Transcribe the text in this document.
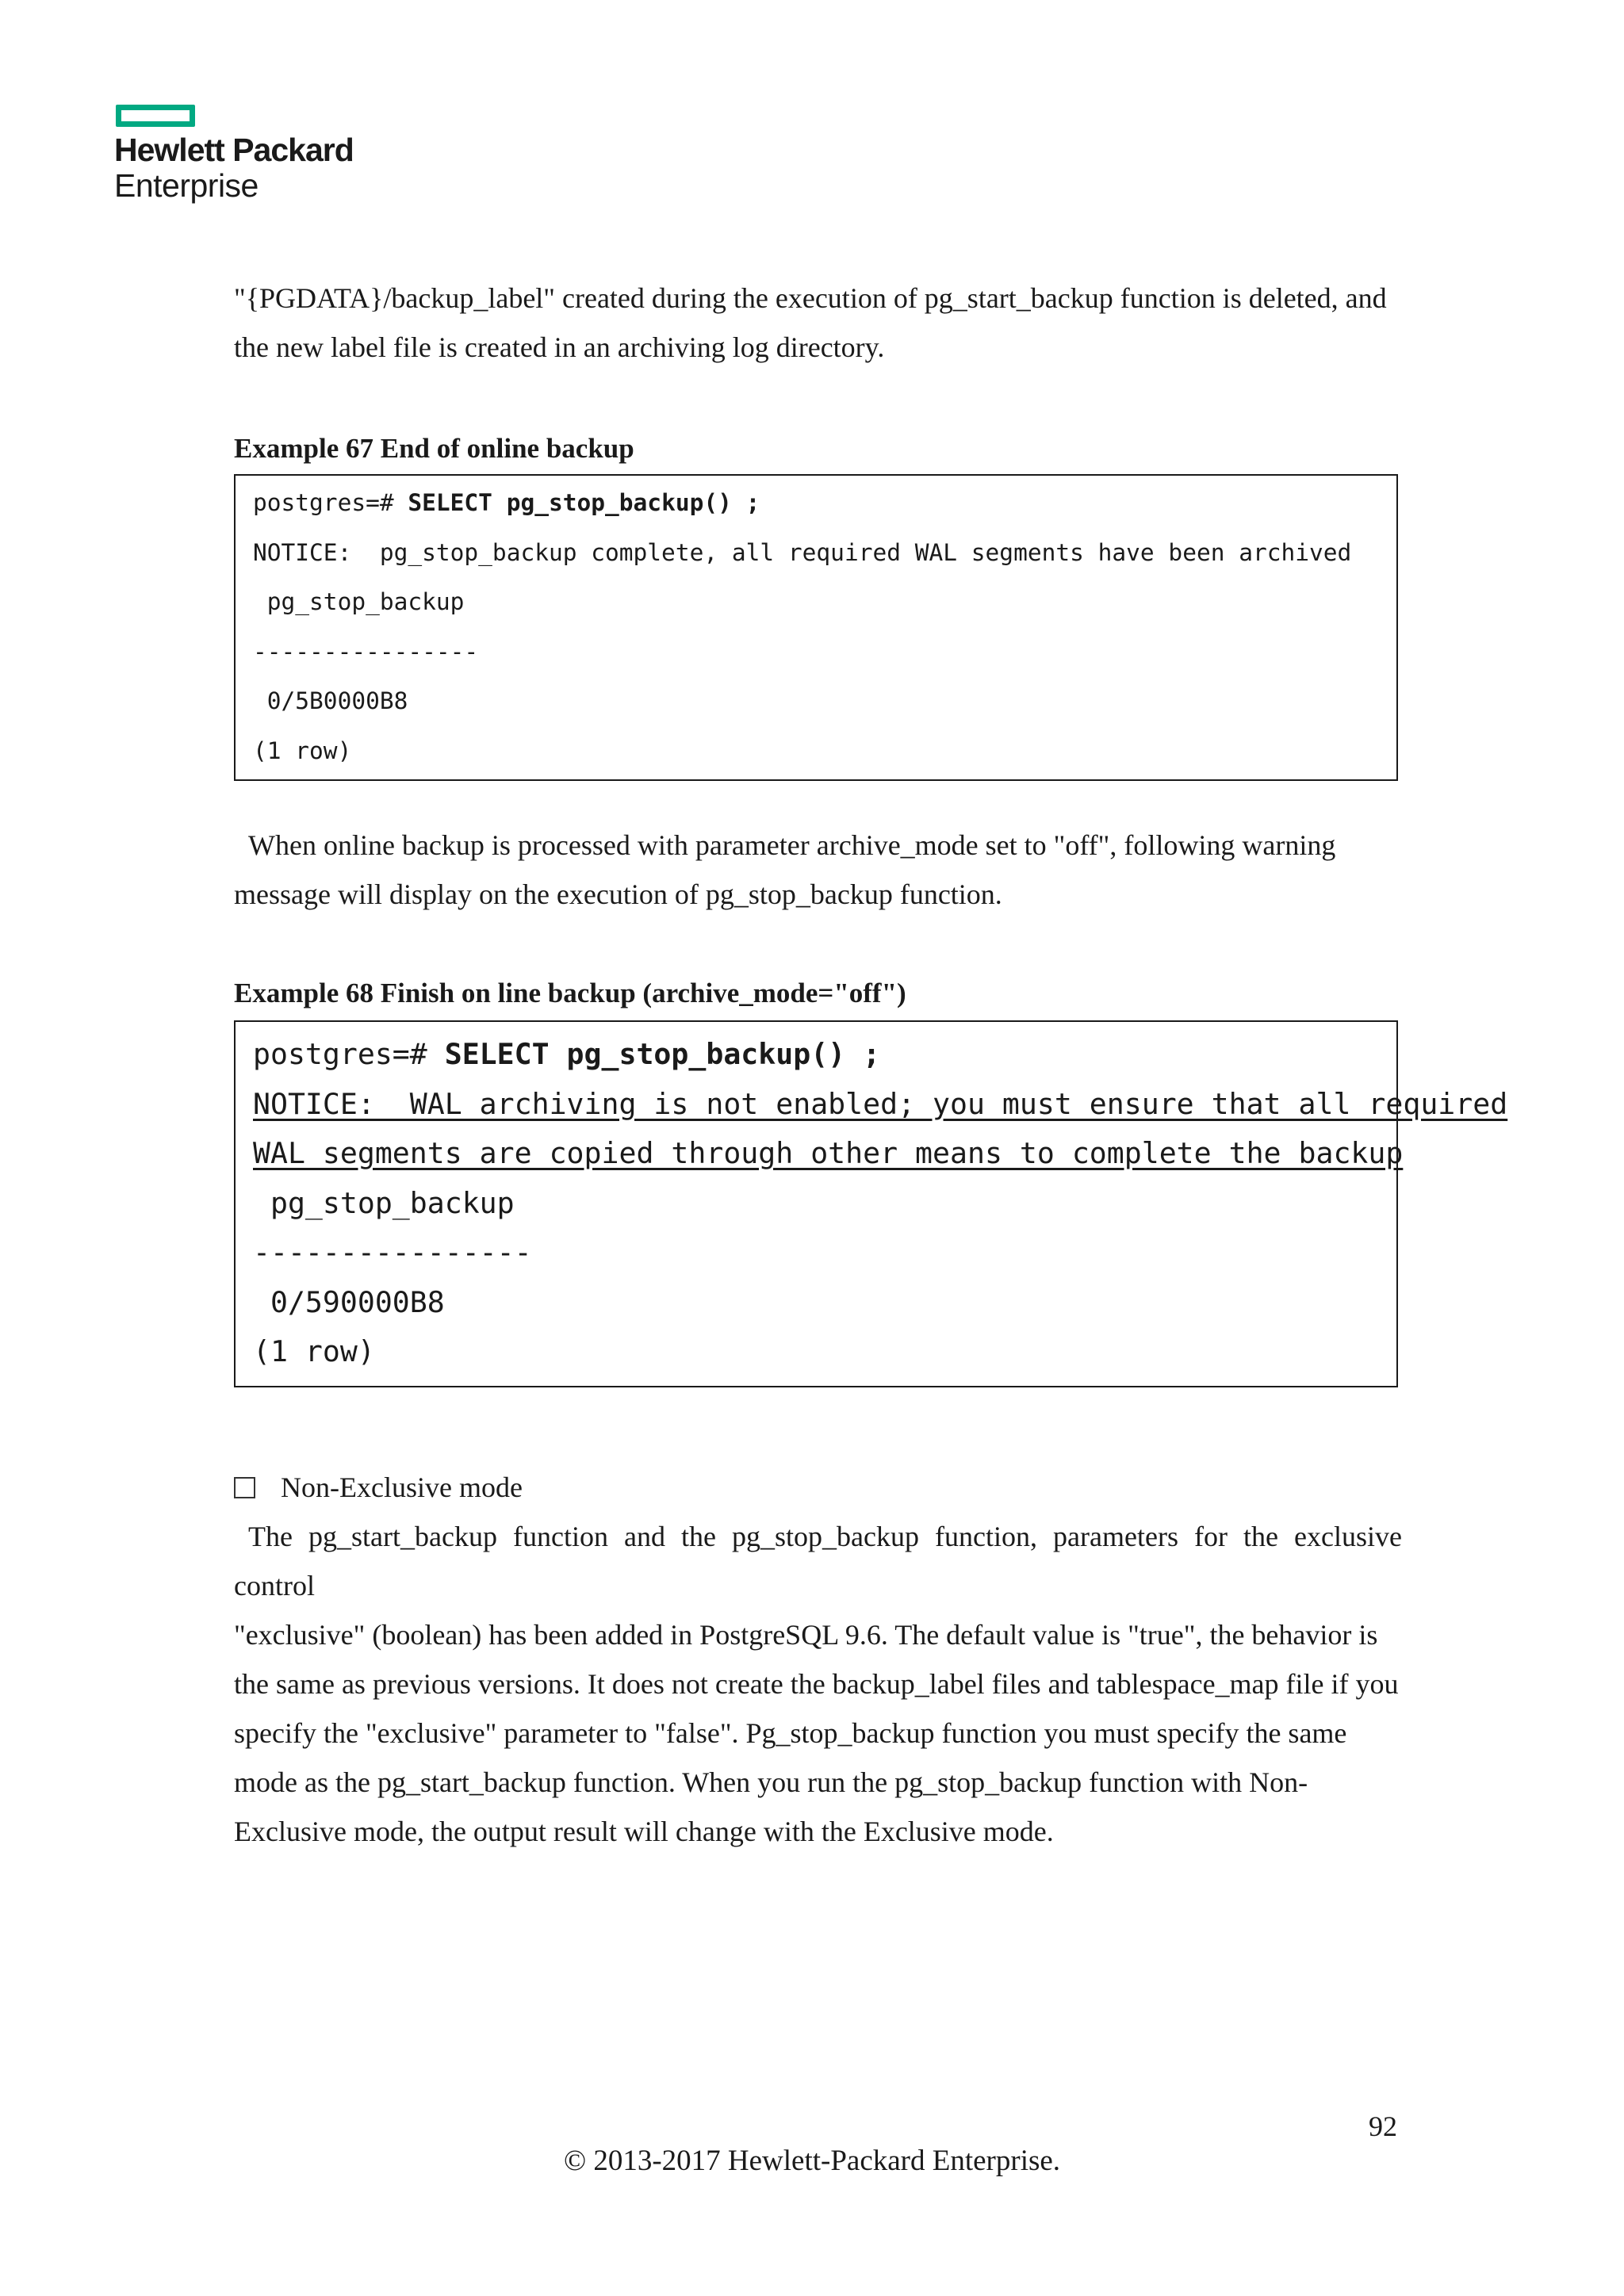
Hewlett Packard
Enterprise

"{PGDATA}/backup_label" created during the execution of pg_start_backup function is deleted, and

the new label file is created in an archiving log directory.

Example 67 End of online backup

postgres=# SELECT pg_stop_backup() ;
NOTICE:  pg_stop_backup complete, all required WAL segments have been archived
pg_stop_backup
----------------
0/5B0000B8
(1 row)

When online backup is processed with parameter archive_mode set to "off", following warning

message will display on the execution of pg_stop_backup function.

Example 68 Finish on line backup (archive_mode="off")

postgres=# SELECT pg_stop_backup() ;
NOTICE:  WAL archiving is not enabled; you must ensure that all required
WAL segments are copied through other means to complete the backup
pg_stop_backup
----------------
0/590000B8
(1 row)

Non-Exclusive mode

The pg_start_backup function and the pg_stop_backup function, parameters for the exclusive control

"exclusive" (boolean) has been added in PostgreSQL 9.6. The default value is "true", the behavior is

the same as previous versions. It does not create the backup_label files and tablespace_map file if you

specify the "exclusive" parameter to "false". Pg_stop_backup function you must specify the same

mode as the pg_start_backup function. When you run the pg_stop_backup function with Non-

Exclusive mode, the output result will change with the Exclusive mode.

92
© 2013-2017 Hewlett-Packard Enterprise.
